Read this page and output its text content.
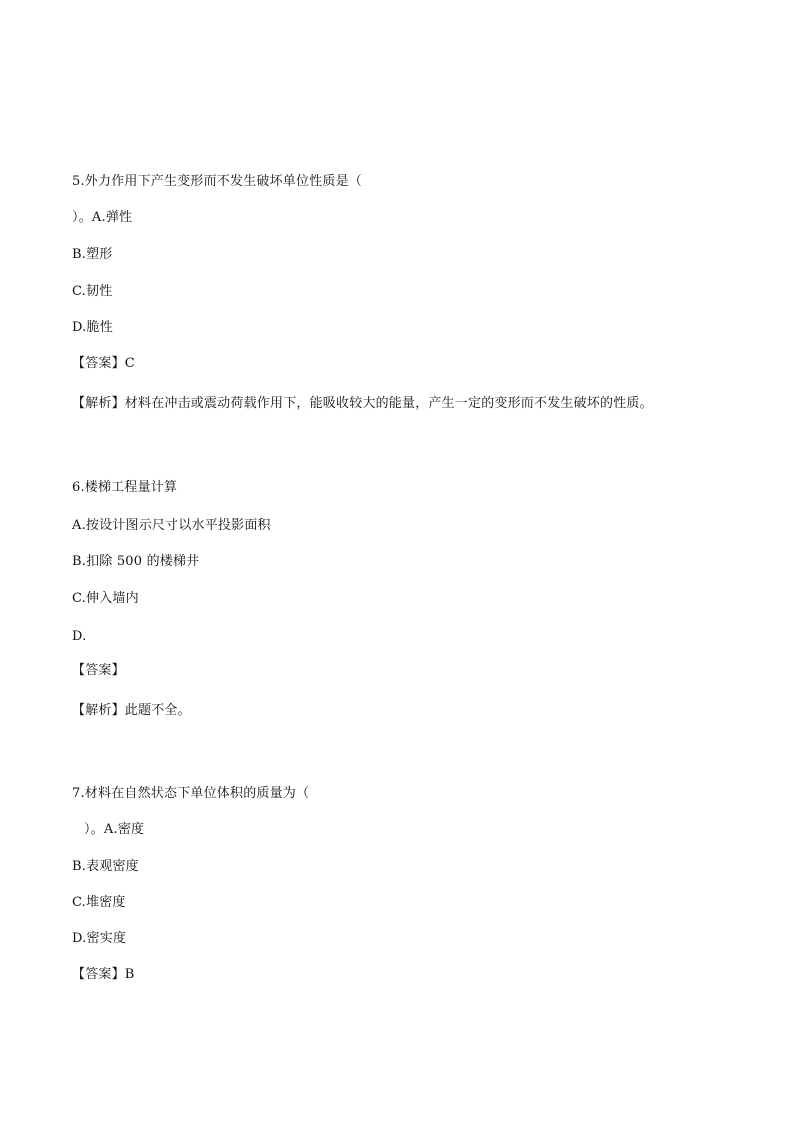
5.外力作用下产生变形而不发生破坏单位性质是（
）。A.弹性
B.塑形
C.韧性
D.脆性
【答案】C
【解析】材料在冲击或震动荷载作用下，能吸收较大的能量，产生一定的变形而不发生破坏的性质。
6.楼梯工程量计算
A.按设计图示尺寸以水平投影面积
B.扣除 500 的楼梯井
C.伸入墙内
D.
【答案】
【解析】此题不全。
7.材料在自然状态下单位体积的质量为（
）。A.密度
B.表观密度
C.堆密度
D.密实度
【答案】B
